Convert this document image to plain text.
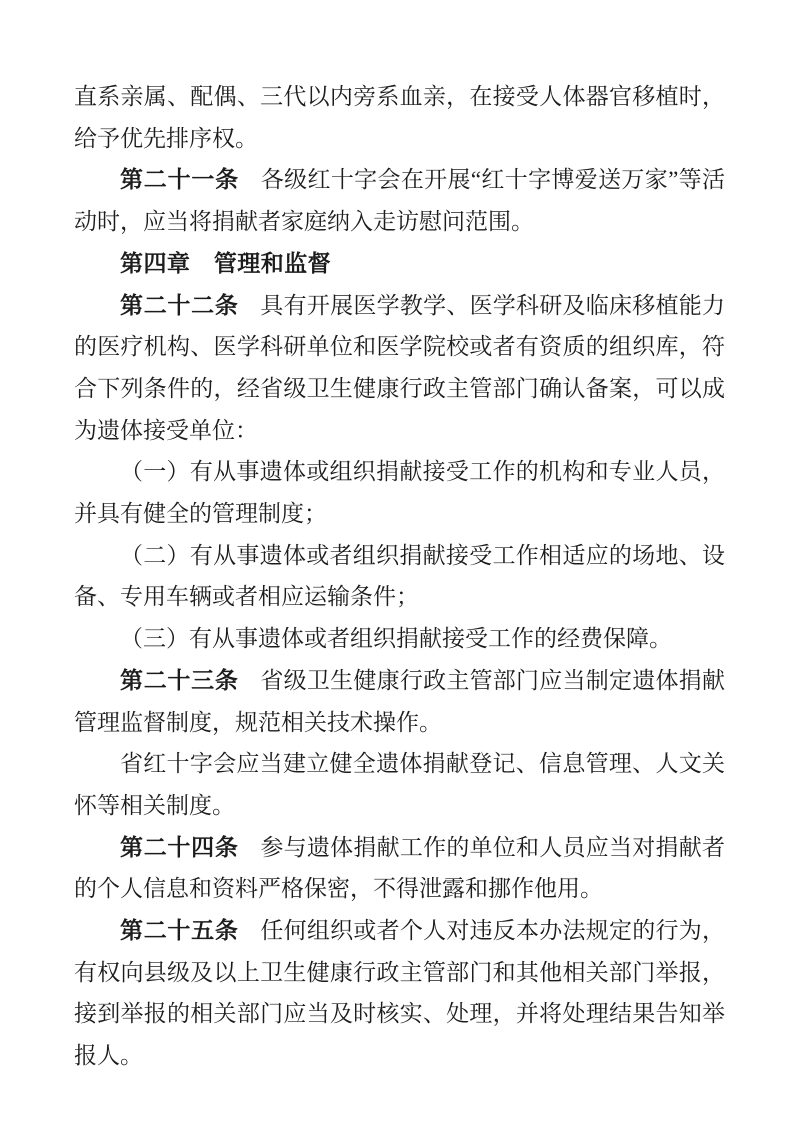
直系亲属、配偶、三代以内旁系血亲，在接受人体器官移植时，给予优先排序权。

第二十一条 各级红十字会在开展“红十字博爱送万家”等活动时，应当将捐献者家庭纳入走访慰问范围。

第四章　管理和监督

第二十二条 具有开展医学教学、医学科研及临床移植能力的医疗机构、医学科研单位和医学院校或者有资质的组织库，符合下列条件的，经省级卫生健康行政主管部门确认备案，可以成为遗体接受单位：

（一）有从事遗体或组织捐献接受工作的机构和专业人员，并具有健全的管理制度；

（二）有从事遗体或者组织捐献接受工作相适应的场地、设备、专用车辆或者相应运输条件；

（三）有从事遗体或者组织捐献接受工作的经费保障。

第二十三条 省级卫生健康行政主管部门应当制定遗体捐献管理监督制度，规范相关技术操作。

省红十字会应当建立健全遗体捐献登记、信息管理、人文关怀等相关制度。

第二十四条 参与遗体捐献工作的单位和人员应当对捐献者的个人信息和资料严格保密，不得泄露和挪作他用。

第二十五条 任何组织或者个人对违反本办法规定的行为，有权向县级及以上卫生健康行政主管部门和其他相关部门举报，接到举报的相关部门应当及时核实、处理，并将处理结果告知举报人。
